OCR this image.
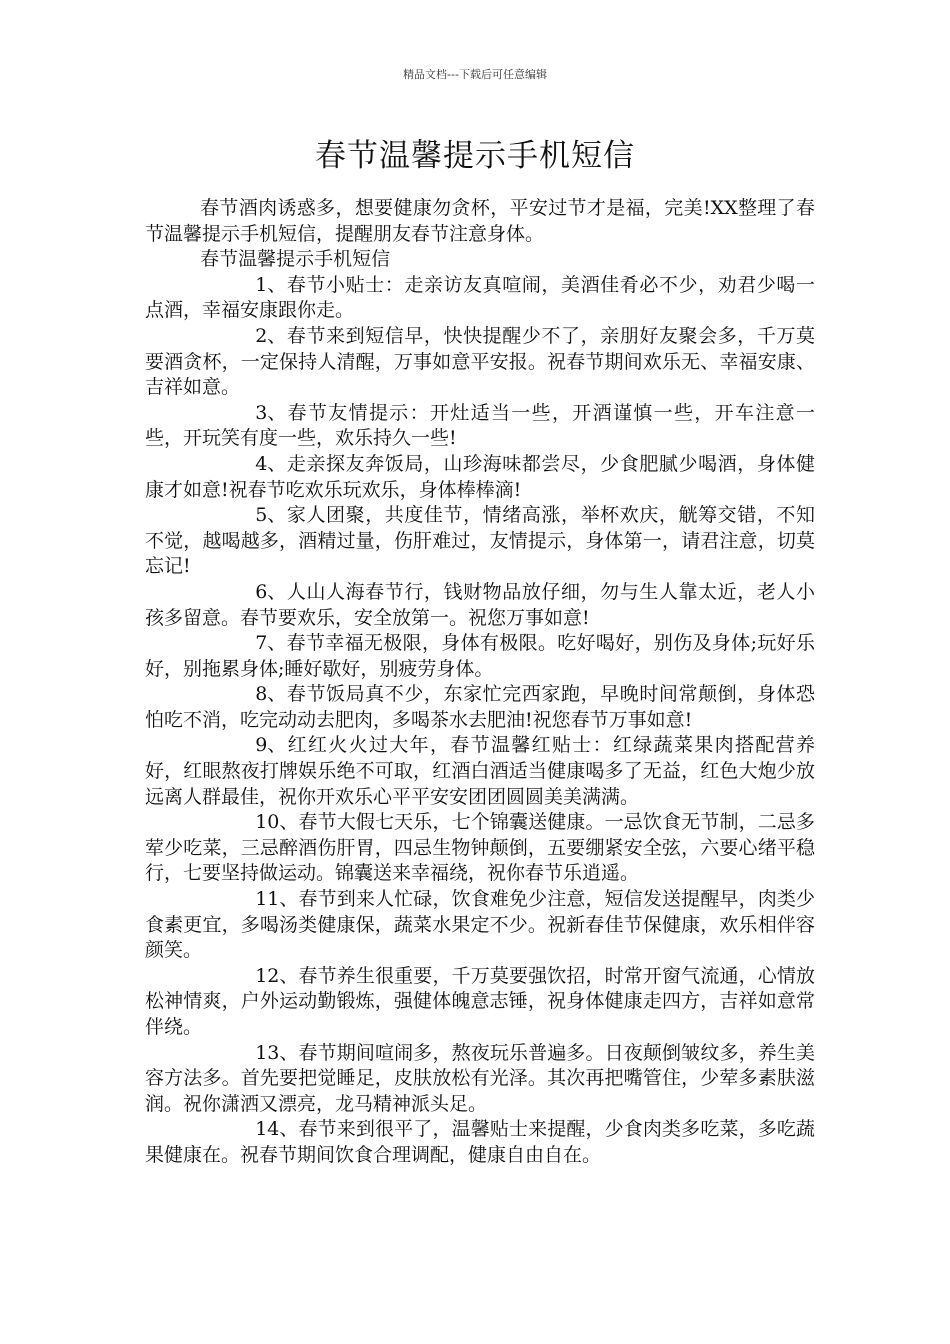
精品文档---下载后可任意编辑
春节温馨提示手机短信

春节酒肉诱惑多，想要健康勿贪杯，平安过节才是福，完美!XX整理了春节温馨提示手机短信，提醒朋友春节注意身体。

春节温馨提示手机短信

1、春节小贴士：走亲访友真喧闹，美酒佳肴必不少，劝君少喝一点酒，幸福安康跟你走。

2、春节来到短信早，快快提醒少不了，亲朋好友聚会多，千万莫要酒贪杯，一定保持人清醒，万事如意平安报。祝春节期间欢乐无、幸福安康、吉祥如意。

3、春节友情提示：开灶适当一些，开酒谨慎一些，开车注意一些，开玩笑有度一些，欢乐持久一些!

4、走亲探友奔饭局，山珍海味都尝尽，少食肥腻少喝酒，身体健康才如意!祝春节吃欢乐玩欢乐，身体棒棒滴!

5、家人团聚，共度佳节，情绪高涨，举杯欢庆，觥筹交错，不知不觉，越喝越多，酒精过量，伤肝难过，友情提示，身体第一，请君注意，切莫忘记!

6、人山人海春节行，钱财物品放仔细，勿与生人靠太近，老人小孩多留意。春节要欢乐，安全放第一。祝您万事如意!

7、春节幸福无极限，身体有极限。吃好喝好，别伤及身体;玩好乐好，别拖累身体;睡好歇好，别疲劳身体。

8、春节饭局真不少，东家忙完西家跑，早晚时间常颠倒，身体恐怕吃不消，吃完动动去肥肉，多喝茶水去肥油!祝您春节万事如意!

9、红红火火过大年，春节温馨红贴士：红绿蔬菜果肉搭配营养好，红眼熬夜打牌娱乐绝不可取，红酒白酒适当健康喝多了无益，红色大炮少放远离人群最佳，祝你开欢乐心平平安安团团圆圆美美满满。

10、春节大假七天乐，七个锦囊送健康。一忌饮食无节制，二忌多荤少吃菜，三忌醉酒伤肝胃，四忌生物钟颠倒，五要绷紧安全弦，六要心绪平稳行，七要坚持做运动。锦囊送来幸福绕，祝你春节乐逍遥。

11、春节到来人忙碌，饮食难免少注意，短信发送提醒早，肉类少食素更宜，多喝汤类健康保，蔬菜水果定不少。祝新春佳节保健康，欢乐相伴容颜笑。

12、春节养生很重要，千万莫要强饮招，时常开窗气流通，心情放松神情爽，户外运动勤锻炼，强健体魄意志锤，祝身体健康走四方，吉祥如意常伴绕。

13、春节期间喧闹多，熬夜玩乐普遍多。日夜颠倒皱纹多，养生美容方法多。首先要把觉睡足，皮肤放松有光泽。其次再把嘴管住，少荤多素肤滋润。祝你潇洒又漂亮，龙马精神派头足。

14、春节来到很平了，温馨贴士来提醒，少食肉类多吃菜，多吃蔬果健康在。祝春节期间饮食合理调配，健康自由自在。
